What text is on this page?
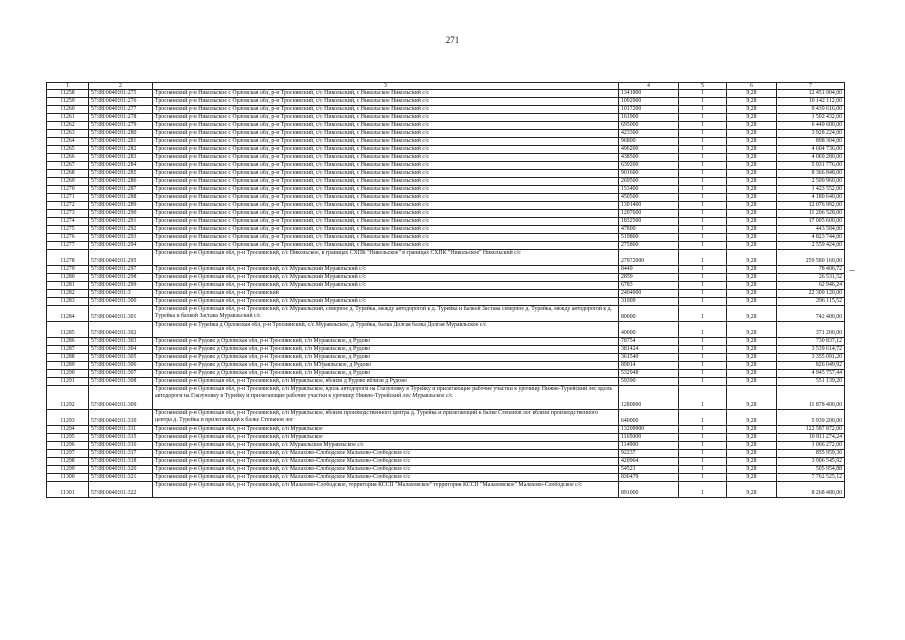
271
1	2	3	4	5	6	7
11258	57:08:0040101:275	Троснянский р-н Никольское с Орловская обл, р-н Троснянский, с/с Никольский, с Никольское Никольский с/с	1341800	1	9,28	12 451 904,00
11259	57:08:0040101:276	Троснянский р-н Никольское с Орловская обл, р-н Троснянский, с/с Никольский, с Никольское Никольский с/с	1092900	1	9,28	10 142 112,00
11260	57:08:0040101:277	Троснянский р-н Никольское с Орловская обл, р-н Троснянский, с/с Никольский, с Никольское Никольский с/с	1017200	1	9,28	9 439 616,00
11261	57:08:0040101:278	Троснянский р-н Никольское с Орловская обл, р-н Троснянский, с/с Никольский, с Никольское Никольский с/с	161900	1	9,28	1 502 432,00
11262	57:08:0040101:279	Троснянский р-н Никольское с Орловская обл, р-н Троснянский, с/с Никольский, с Никольское Никольский с/с	695000	1	9,28	6 449 600,00
11263	57:08:0040101:280	Троснянский р-н Никольское с Орловская обл, р-н Троснянский, с/с Никольский, с Никольское Никольский с/с	423300	1	9,28	3 928 224,00
11264	57:08:0040101:281	Троснянский р-н Никольское с Орловская обл, р-н Троснянский, с/с Никольский, с Никольское Никольский с/с	96800	1	9,28	898 304,00
11265	57:08:0040101:282	Троснянский р-н Никольское с Орловская обл, р-н Троснянский, с/с Никольский, с Никольское Никольский с/с	496200	1	9,28	4 604 736,00
11266	57:08:0040101:283	Троснянский р-н Никольское с Орловская обл, р-н Троснянский, с/с Никольский, с Никольское Никольский с/с	438500	1	9,28	4 069 280,00
11267	57:08:0040101:284	Троснянский р-н Никольское с Орловская обл, р-н Троснянский, с/с Никольский, с Никольское Никольский с/с	639200	1	9,28	5 931 776,00
11268	57:08:0040101:285	Троснянский р-н Никольское с Орловская обл, р-н Троснянский, с/с Никольский, с Никольское Никольский с/с	901600	1	9,28	8 366 848,00
11269	57:08:0040101:286	Троснянский р-н Никольское с Орловская обл, р-н Троснянский, с/с Никольский, с Никольское Никольский с/с	269500	1	9,28	2 500 960,00
11270	57:08:0040101:287	Троснянский р-н Никольское с Орловская обл, р-н Троснянский, с/с Никольский, с Никольское Никольский с/с	153400	1	9,28	1 423 552,00
11271	57:08:0040101:288	Троснянский р-н Никольское с Орловская обл, р-н Троснянский, с/с Никольский, с Никольское Никольский с/с	450500	1	9,28	4 180 640,00
11272	57:08:0040101:289	Троснянский р-н Никольское с Орловская обл, р-н Троснянский, с/с Никольский, с Никольское Никольский с/с	1301400	1	9,28	12 076 992,00
11273	57:08:0040101:290	Троснянский р-н Никольское с Орловская обл, р-н Троснянский, с/с Никольский, с Никольское Никольский с/с	1207600	1	9,28	11 206 528,00
11274	57:08:0040101:291	Троснянский р-н Никольское с Орловская обл, р-н Троснянский, с/с Никольский, с Никольское Никольский с/с	1832500	1	9,28	17 005 600,00
11275	57:08:0040101:292	Троснянский р-н Никольское с Орловская обл, р-н Троснянский, с/с Никольский, с Никольское Никольский с/с	47800	1	9,28	443 584,00
11276	57:08:0040101:293	Троснянский р-н Никольское с Орловская обл, р-н Троснянский, с/с Никольский, с Никольское Никольский с/с	519800	1	9,28	4 823 744,00
11277	57:08:0040101:294	Троснянский р-н Никольское с Орловская обл, р-н Троснянский, с/с Никольский, с Никольское Никольский с/с	275800	1	9,28	2 559 424,00
11278	57:08:0040101:295	Троснянский р-н Орловская обл, р-н Троснянский, с/с Никольское, в границах СХПК "Никольское" в границах СХПК "Никольское" Никольский с/с	27972000	1	9,28	259 580 160,00
11279	57:08:0040101:297	Троснянский р-н Орловская обл, р-н Троснянский, с/с Муравльский Муравльский с/с	8449	1	9,28	78 406,72
11280	57:08:0040101:298	Троснянский р-н Орловская обл, р-н Троснянский, с/с Муравльский Муравльский с/с	2859	1	9,28	26 531,52
11281	57:08:0040101:299	Троснянский р-н Орловская обл, р-н Троснянский, с/с Муравльский Муравльский с/с	6783	1	9,28	62 946,24
11282	57:08:0040101:3	Троснянский р-н Орловская обл, р-н Троснянский	2404000	1	9,28	22 309 120,00
11283	57:08:0040101:300	Троснянский р-н Орловская обл, р-н Троснянский, с/с Муравльский Муравльский с/с	31909	1	9,28	296 115,52
11284	57:08:0040101:301	Троснянский р-н Орловская обл, р-н Троснянский, с/с Муравльский, северное д. Турейка, между автодорогой к д. Турейка и балкой Застава северное д. Турейка, между автодорогой к д. Турейка и балкой Застава Муравльский с/с	80000	1	9,28	742 400,00
11285	57:08:0040101:302	Троснянский р-н Турейка д Орловская обл, р-н Троснянский, с/с Муравльское, д Турейка, балка Долгая балка Долгая Муравльское с/с	40000	1	9,28	371 200,00
11286	57:08:0040101:303	Троснянский р-н Рудово д Орловская обл, р-н Троснянский, с/п Муравльское, д Рудово	78754	1	9,28	730 837,12
11287	57:08:0040101:304	Троснянский р-н Рудово д Орловская обл, р-н Троснянский, с/п Муравльское, д Рудово	381424	1	9,28	3 539 614,72
11288	57:08:0040101:305	Троснянский р-н Рудово д Орловская обл, р-н Троснянский, с/п Муравльское, д Рудово	361540	1	9,28	3 355 091,20
11289	57:08:0040101:306	Троснянский р-н Рудово д Орловская обл, р-н Троснянский, с/п МУравльское, д Рудово	89014	1	9,28	826 049,92
11290	57:08:0040101:307	Троснянский р-н Рудово д Орловская обл, р-н Троснянский, с/п Муравльское, д Рудово	532948	1	9,28	4 945 757,44
11291	57:08:0040101:308	Троснянский р-н Орловская обл, р-н Троснянский, с/п Муравльское, вблизи д Рудово вблизи д Рудово	59390	1	9,28	551 139,20
11292	57:08:0040101:309	Троснянский р-н Орловская обл, р-н Троснянский, с/п Муравльское, вдоль автодороги на Глазуновку в Турейку и прилегающие рабочие участки к урочищу Нижне-Турейский лес вдоль автодороги на Глазуновку в Турейку и прилегающие рабочие участки к урочищу Нижне-Турейский лес Муравльское с/с	1280000	1	9,28	11 878 400,00
11293	57:08:0040101:310	Троснянский р-н Орловская обл, р-н Троснянский, с/п Муравльское, вблизи производственного центра д. Турейка и прилегающий к балке Степанов лог вблизи производственного центра д. Турейка и прилегающий к балке Степанов лог	640000	1	9,28	5 939 200,00
11294	57:08:0040101:311	Троснянский р-н Орловская обл, р-н Троснянский, с/п Муравльское	13209900	1	9,28	122 587 872,00
11295	57:08:0040101:315	Троснянский р-н Орловская обл, р-н Троснянский, с/п Муравльское	1165008	1	9,28	10 811 274,24
11296	57:08:0040101:316	Троснянский р-н Орловская обл, р-н Троснянский, с/с Муравльское Муравльское с/с	114900	1	9,28	1 066 272,00
11297	57:08:0040101:317	Троснянский р-н Орловская обл, р-н Троснянский, с/с Малахово-Слободское Малахово-Слободское с/с	92237	1	9,28	855 959,36
11298	57:08:0040101:318	Троснянский р-н Орловская обл, р-н Троснянский, с/с Малахово-Слободское Малахово-Слободское с/с	420964	1	9,28	3 906 545,92
11299	57:08:0040101:320	Троснянский р-н Орловская обл, р-н Троснянский, с/с Малахово-Слободское Малахово-Слободское с/с	54521	1	9,28	505 954,88
11300	57:08:0040101:321	Троснянский р-н Орловская обл, р-н Троснянский, с/с Малахово-Слободское Малахово-Слободское с/с	836479	1	9,28	7 762 525,12
11301	57:08:0040101:322	Троснянский р-н Орловская обл, р-н Троснянский, с/п Малахово-Слободское, территория КССП "Малаховское" территория КССП "Малаховское" Малахово-Слободское с/с	891000	1	9,28	8 268 480,00
